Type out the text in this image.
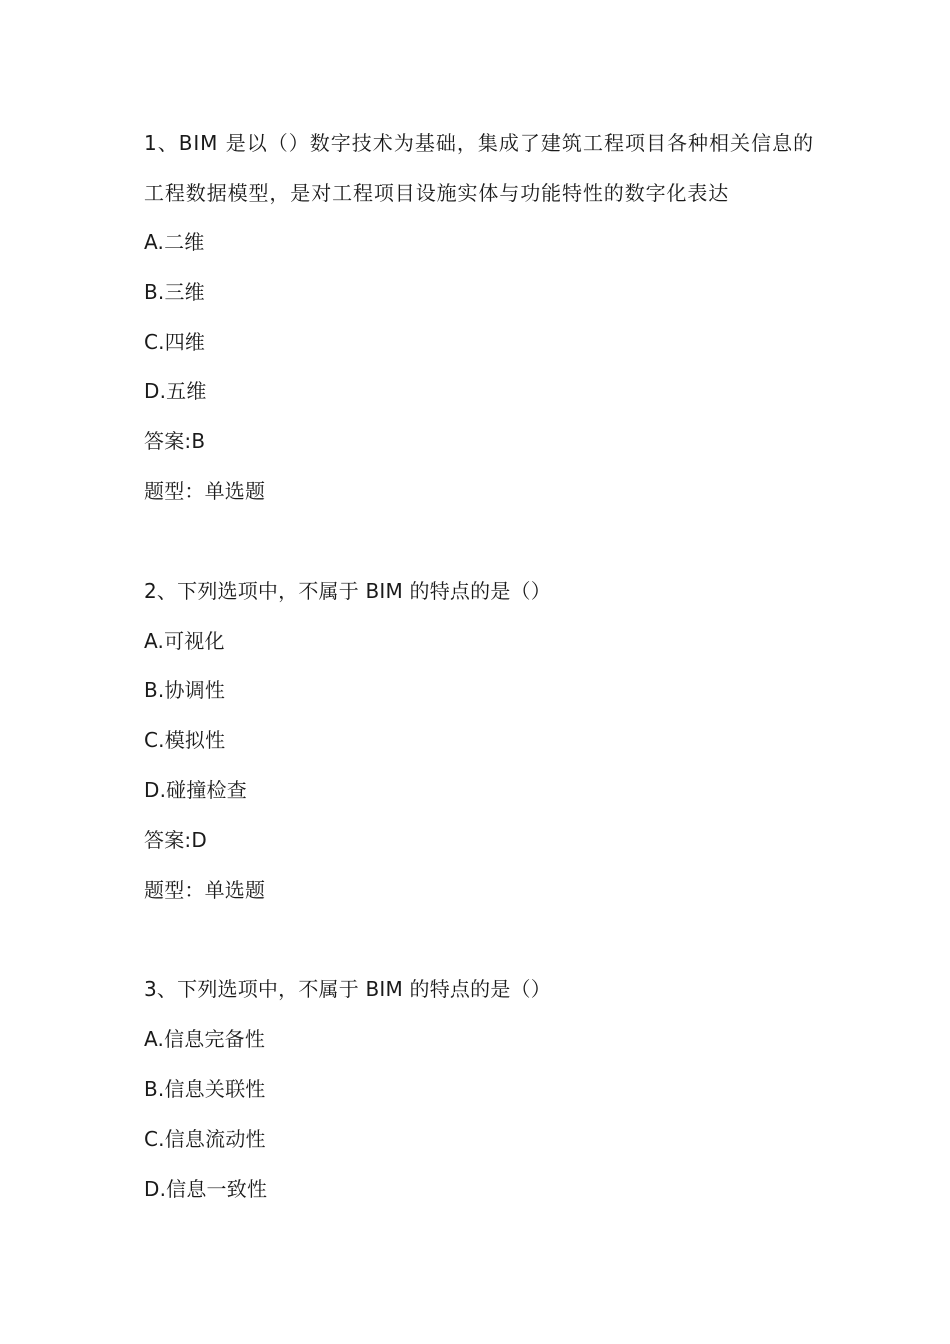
1、BIM 是以（）数字技术为基础，集成了建筑工程项目各种相关信息的工程数据模型，是对工程项目设施实体与功能特性的数字化表达
A.二维
B.三维
C.四维
D.五维
答案:B
题型：单选题
2、下列选项中，不属于 BIM 的特点的是（）
A.可视化
B.协调性
C.模拟性
D.碰撞检查
答案:D
题型：单选题
3、下列选项中，不属于 BIM 的特点的是（）
A.信息完备性
B.信息关联性
C.信息流动性
D.信息一致性
